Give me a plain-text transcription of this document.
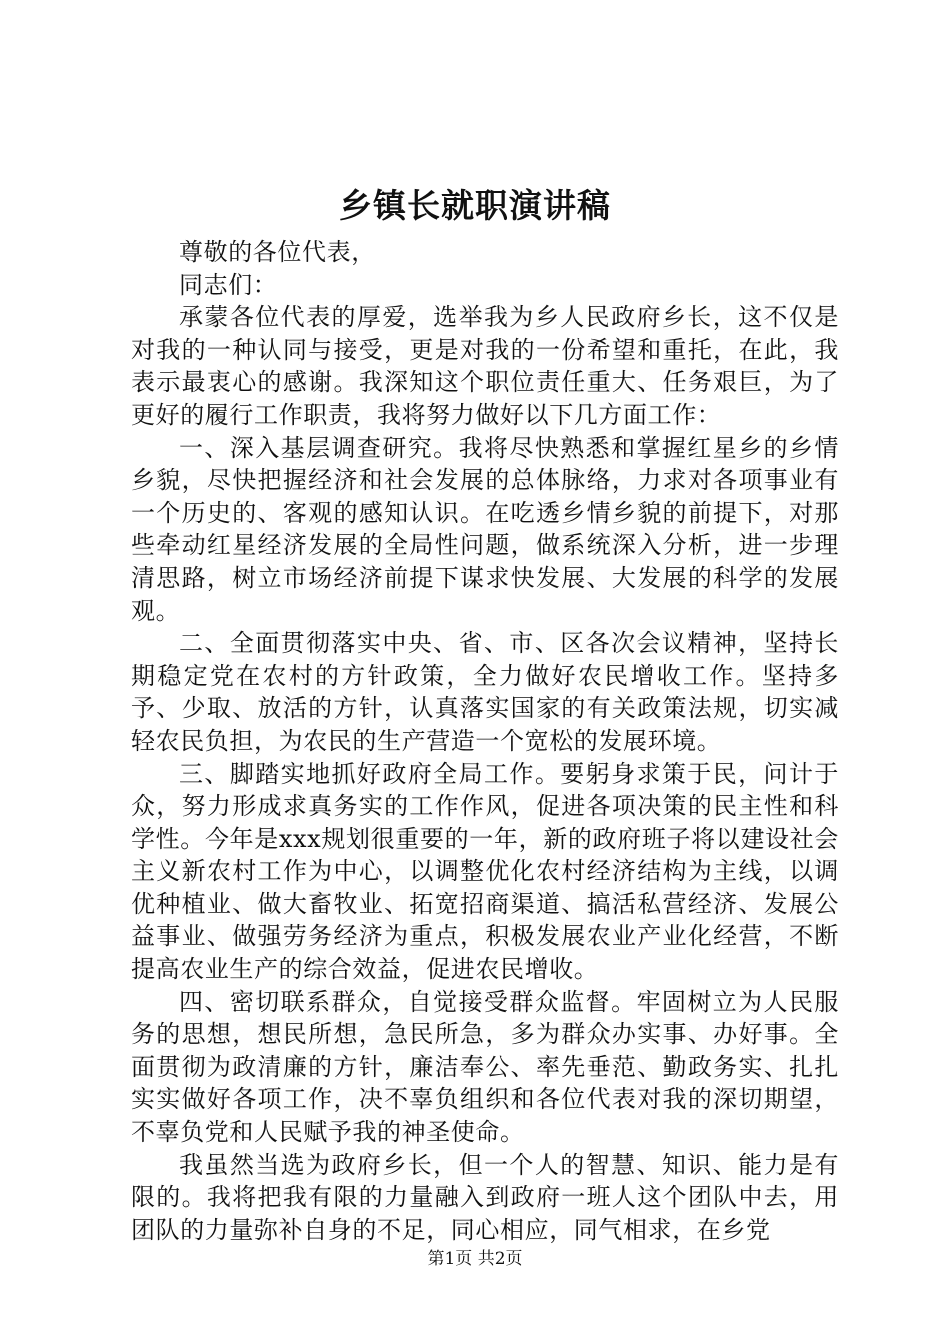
乡镇长就职演讲稿

尊敬的各位代表，

同志们：

承蒙各位代表的厚爱，选举我为乡人民政府乡长，这不仅是对我的一种认同与接受，更是对我的一份希望和重托，在此，我表示最衷心的感谢。我深知这个职位责任重大、任务艰巨，为了更好的履行工作职责，我将努力做好以下几方面工作：

一、深入基层调查研究。我将尽快熟悉和掌握红星乡的乡情乡貌，尽快把握经济和社会发展的总体脉络，力求对各项事业有一个历史的、客观的感知认识。在吃透乡情乡貌的前提下，对那些牵动红星经济发展的全局性问题，做系统深入分析，进一步理清思路，树立市场经济前提下谋求快发展、大发展的科学的发展观。

二、全面贯彻落实中央、省、市、区各次会议精神，坚持长期稳定党在农村的方针政策，全力做好农民增收工作。坚持多予、少取、放活的方针，认真落实国家的有关政策法规，切实减轻农民负担，为农民的生产营造一个宽松的发展环境。

三、脚踏实地抓好政府全局工作。要躬身求策于民，问计于众，努力形成求真务实的工作作风，促进各项决策的民主性和科学性。今年是xxx规划很重要的一年，新的政府班子将以建设社会主义新农村工作为中心，以调整优化农村经济结构为主线，以调优种植业、做大畜牧业、拓宽招商渠道、搞活私营经济、发展公益事业、做强劳务经济为重点，积极发展农业产业化经营，不断提高农业生产的综合效益，促进农民增收。

四、密切联系群众，自觉接受群众监督。牢固树立为人民服务的思想，想民所想，急民所急，多为群众办实事、办好事。全面贯彻为政清廉的方针，廉洁奉公、率先垂范、勤政务实、扎扎实实做好各项工作，决不辜负组织和各位代表对我的深切期望，不辜负党和人民赋予我的神圣使命。

我虽然当选为政府乡长，但一个人的智慧、知识、能力是有限的。我将把我有限的力量融入到政府一班人这个团队中去，用团队的力量弥补自身的不足，同心相应，同气相求，在乡党

第1页 共2页
